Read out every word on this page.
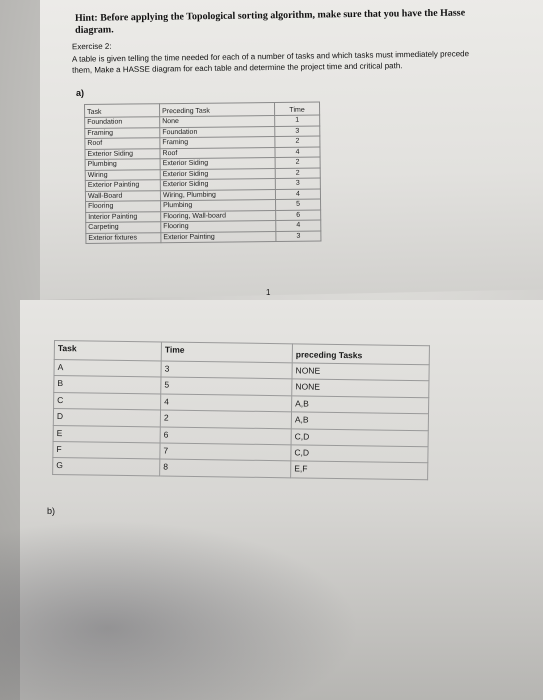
Hint: Before applying the Topological sorting algorithm, make sure that you have the Hasse diagram.
Exercise 2:
A table is given telling the time needed for each of a number of tasks and which tasks must immediately precede them, Make a HASSE diagram for each table and determine the project time and critical path.
a)
Task	Preceding Task	Time
Foundation	None	1
Framing	Foundation	3
Roof	Framing	2
Exterior Siding	Roof	4
Plumbing	Exterior Siding	2
Wiring	Exterior Siding	2
Exterior Painting	Exterior Siding	3
Wall-Board	Wiring, Plumbing	4
Flooring	Plumbing	5
Interior Painting	Flooring, Wall-board	6
Carpeting	Flooring	4
Exterior fixtures	Exterior Painting	3
1
Task	Time	preceding Tasks
A	3	NONE
B	5	NONE
C	4	A,B
D	2	A,B
E	6	C,D
F	7	C,D
G	8	E,F
b)
